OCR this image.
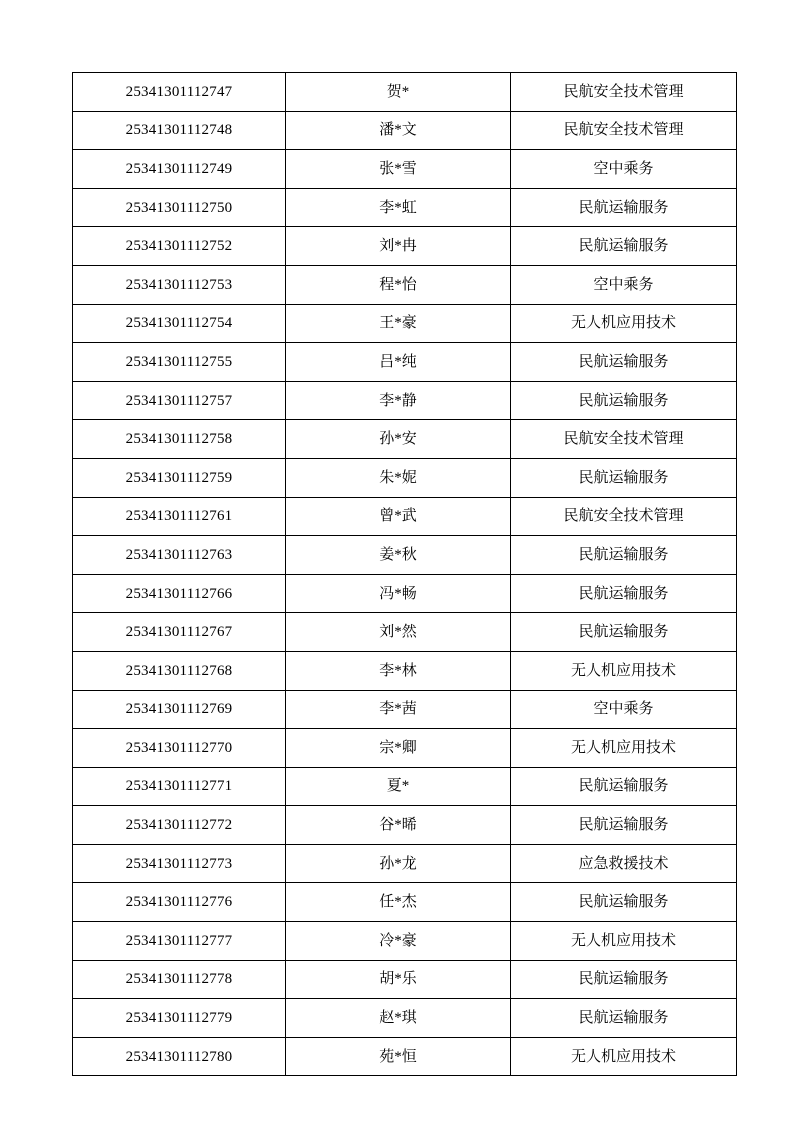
25341301112747	贺*	民航安全技术管理
25341301112748	潘*文	民航安全技术管理
25341301112749	张*雪	空中乘务
25341301112750	李*虹	民航运输服务
25341301112752	刘*冉	民航运输服务
25341301112753	程*怡	空中乘务
25341301112754	王*豪	无人机应用技术
25341301112755	吕*纯	民航运输服务
25341301112757	李*静	民航运输服务
25341301112758	孙*安	民航安全技术管理
25341301112759	朱*妮	民航运输服务
25341301112761	曾*武	民航安全技术管理
25341301112763	姜*秋	民航运输服务
25341301112766	冯*畅	民航运输服务
25341301112767	刘*然	民航运输服务
25341301112768	李*林	无人机应用技术
25341301112769	李*茜	空中乘务
25341301112770	宗*卿	无人机应用技术
25341301112771	夏*	民航运输服务
25341301112772	谷*晞	民航运输服务
25341301112773	孙*龙	应急救援技术
25341301112776	任*杰	民航运输服务
25341301112777	冷*豪	无人机应用技术
25341301112778	胡*乐	民航运输服务
25341301112779	赵*琪	民航运输服务
25341301112780	苑*恒	无人机应用技术
